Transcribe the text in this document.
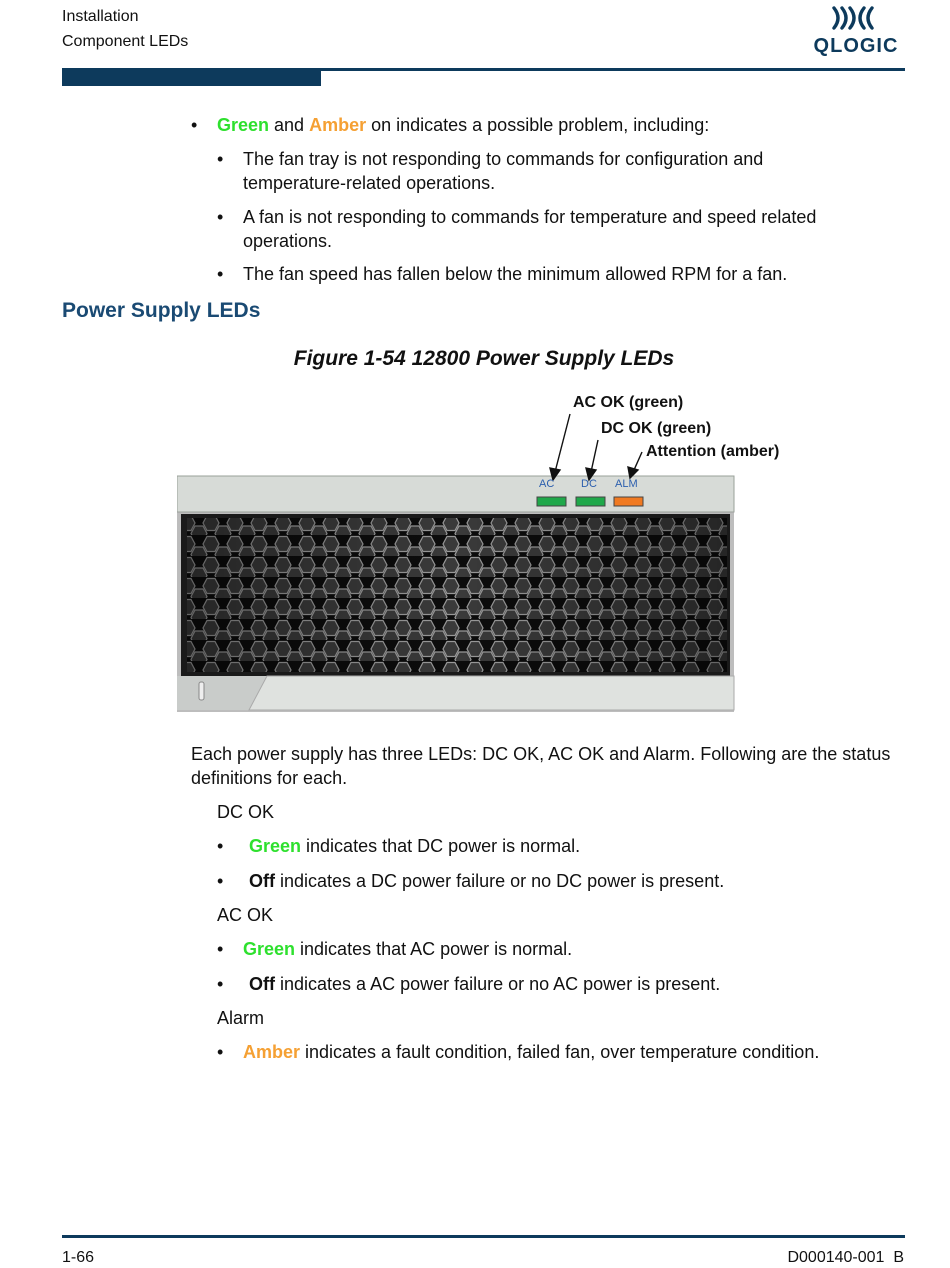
Installation
Component LEDs	QLOGIC
• Green and Amber on indicates a possible problem, including:
• The fan tray is not responding to commands for configuration and temperature-related operations.
• A fan is not responding to commands for temperature and speed related operations.
• The fan speed has fallen below the minimum allowed RPM for a fan.
Power Supply LEDs
Figure 1-54 12800 Power Supply LEDs
AC DC ALM
AC OK (green)
DC OK (green)
Attention (amber)
Each power supply has three LEDs: DC OK, AC OK and Alarm. Following are the status definitions for each.
DC OK
• Green indicates that DC power is normal.
• Off indicates a DC power failure or no DC power is present.
AC OK
• Green indicates that AC power is normal.
• Off indicates a AC power failure or no AC power is present.
Alarm
• Amber indicates a fault condition, failed fan, over temperature condition.
1-66	D000140-001  B
